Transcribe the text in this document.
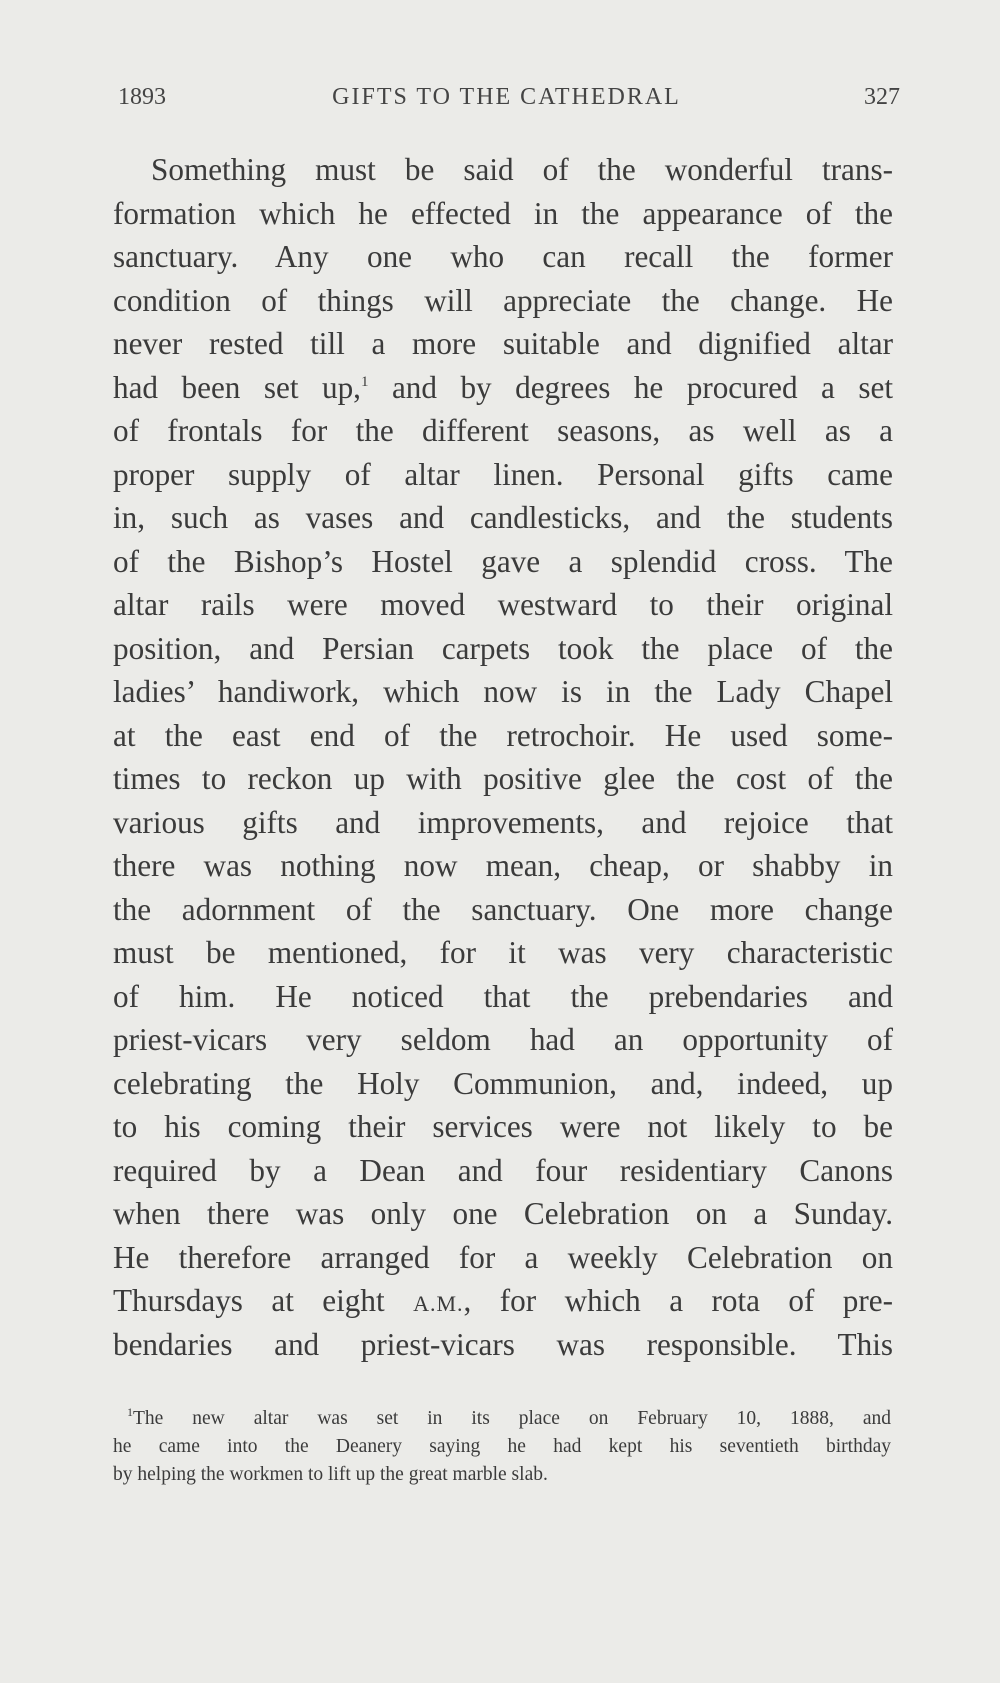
1893	GIFTS TO THE CATHEDRAL	327
Something must be said of the wonderful trans-
formation which he effected in the appearance of the
sanctuary. Any one who can recall the former
condition of things will appreciate the change. He
never rested till a more suitable and dignified altar
had been set up,$^1$ and by degrees he procured a set
of frontals for the different seasons, as well as a
proper supply of altar linen. Personal gifts came
in, such as vases and candlesticks, and the students
of the Bishop’s Hostel gave a splendid cross. The
altar rails were moved westward to their original
position, and Persian carpets took the place of the
ladies’ handiwork, which now is in the Lady Chapel
at the east end of the retrochoir. He used some-
times to reckon up with positive glee the cost of the
various gifts and improvements, and rejoice that
there was nothing now mean, cheap, or shabby in
the adornment of the sanctuary. One more change
must be mentioned, for it was very characteristic
of him. He noticed that the prebendaries and
priest-vicars very seldom had an opportunity of
celebrating the Holy Communion, and, indeed, up
to his coming their services were not likely to be
required by a Dean and four residentiary Canons
when there was only one Celebration on a Sunday.
He therefore arranged for a weekly Celebration on
Thursdays at eight A.M., for which a rota of pre-
bendaries and priest-vicars was responsible. This
$^1$The new altar was set in its place on February 10, 1888, and
he came into the Deanery saying he had kept his seventieth birthday
by helping the workmen to lift up the great marble slab.
